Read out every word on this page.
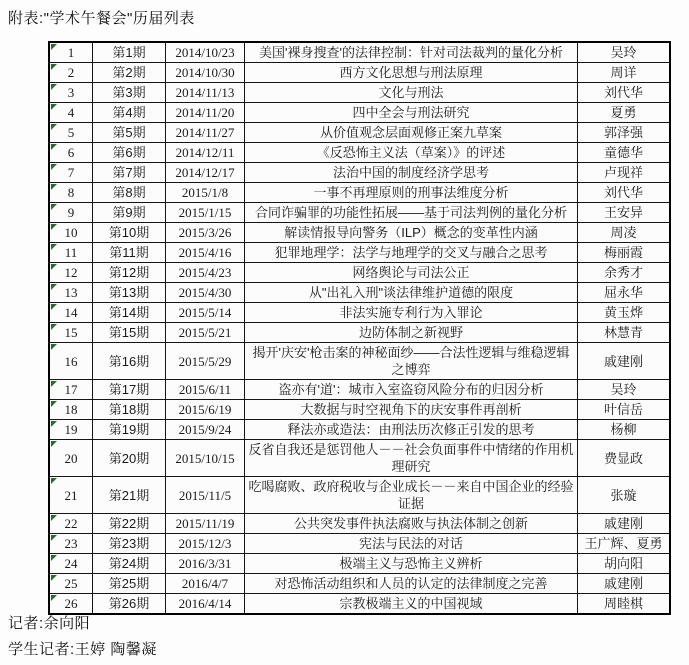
附表:"学术午餐会"历届列表
1	第1期	2014/10/23	美国'裸身搜查'的法律控制：针对司法裁判的量化分析	吴玲

2	第2期	2014/10/30	西方文化思想与刑法原理	周详

3	第3期	2014/11/13	文化与刑法	刘代华

4	第4期	2014/11/20	四中全会与刑法研究	夏勇

5	第5期	2014/11/27	从价值观念层面观修正案九草案	郭泽强

6	第6期	2014/12/11	《反恐怖主义法（草案）》的评述	童德华

7	第7期	2014/12/17	法治中国的制度经济学思考	卢现祥

8	第8期	2015/1/8	一事不再理原则的刑事法维度分析	刘代华

9	第9期	2015/1/15	合同诈骗罪的功能性拓展——基于司法判例的量化分析	王安异

10	第10期	2015/3/26	解读情报导向警务（ILP）概念的变革性内涵	周凌

11	第11期	2015/4/16	犯罪地理学：法学与地理学的交叉与融合之思考	梅丽霞

12	第12期	2015/4/23	网络舆论与司法公正	余秀才

13	第13期	2015/4/30	从"出礼入刑"谈法律维护道德的限度	屈永华

14	第14期	2015/5/14	非法实施专利行为入罪论	黄玉烨

15	第15期	2015/5/21	边防体制之新视野	林慧青

16	第16期	2015/5/29	揭开'庆安'枪击案的神秘面纱——合法性逻辑与维稳逻辑之博弈	戚建刚

17	第17期	2015/6/11	盗亦有'道'：城市入室盗窃风险分布的归因分析	吴玲

18	第18期	2015/6/19	大数据与时空视角下的庆安事件再剖析	叶信岳

19	第19期	2015/9/24	释法亦或造法：由刑法历次修正引发的思考	杨柳

20	第20期	2015/10/15	反省自我还是惩罚他人－－社会负面事件中情绪的作用机理研究	费显政

21	第21期	2015/11/5	吃喝腐败、政府税收与企业成长－－来自中国企业的经验证据	张璇

22	第22期	2015/11/19	公共突发事件执法腐败与执法体制之创新	戚建刚

23	第23期	2015/12/3	宪法与民法的对话	王广辉、夏勇

24	第24期	2016/3/31	极端主义与恐怖主义辨析	胡向阳

25	第25期	2016/4/7	对恐怖活动组织和人员的认定的法律制度之完善	戚建刚

26	第26期	2016/4/14	宗教极端主义的中国视域	周睦棋
记者:余向阳
学生记者:王婷 陶馨凝
